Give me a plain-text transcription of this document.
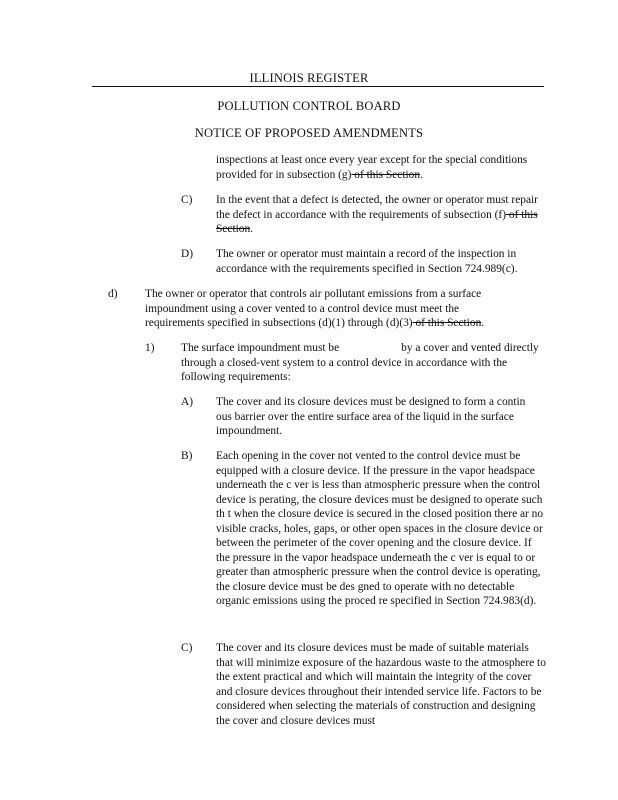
ILLINOIS REGISTER
POLLUTION CONTROL BOARD
NOTICE OF PROPOSED AMENDMENTS
inspections at least once every year except for the special conditions provided for in subsection (g) of this Section.
C) In the event that a defect is detected, the owner or operator must repair the defect in accordance with the requirements of subsection (f) of this Section.
D) The owner or operator must maintain a record of the inspection in accordance with the requirements specified in Section 724.989(c).
d) The owner or operator that controls air pollutant emissions from a surface impoundment using a cover vented to a control device must meet the requirements specified in subsections (d)(1) through (d)(3) of this Section.
1) The surface impoundment must be	by a cover and vented directly through a closed-vent system to a control device in accordance with the following requirements:
A) The cover and its closure devices must be designed to form a contin ous barrier over the entire surface area of the liquid in the surface impoundment.
B) Each opening in the cover not vented to the control device must be equipped with a closure device. If the pressure in the vapor headspace underneath the c ver is less than atmospheric pressure when the control device is perating, the closure devices must be designed to operate such th t when the closure device is secured in the closed position there ar no visible cracks, holes, gaps, or other open spaces in the closure device or between the perimeter of the cover opening and the closure device. If the pressure in the vapor headspace underneath the c ver is equal to or greater than atmospheric pressure when the control device is operating, the closure device must be des gned to operate with no detectable organic emissions using the proced re specified in Section 724.983(d).
C) The cover and its closure devices must be made of suitable materials that will minimize exposure of the hazardous waste to the atmosphere to the extent practical and which will maintain the integrity of the cover and closure devices throughout their intended service life. Factors to be considered when selecting the materials of construction and designing the cover and closure devices must
